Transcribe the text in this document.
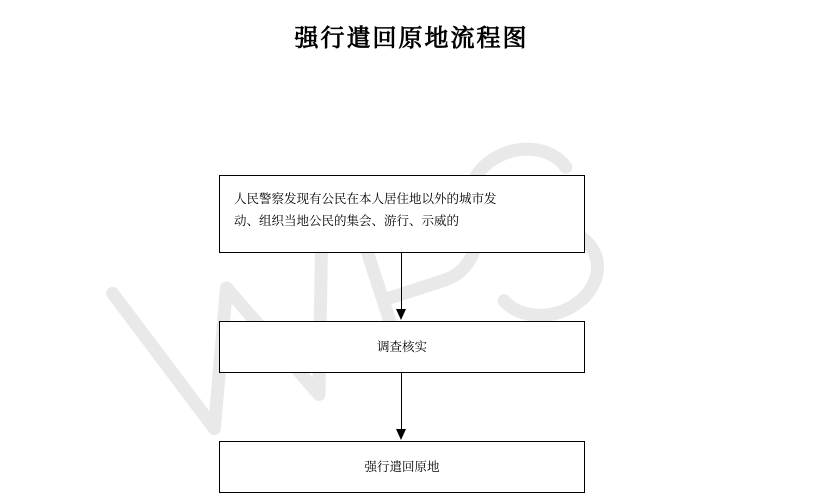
强行遣回原地流程图
人民警察发现有公民在本人居住地以外的城市发
动、组织当地公民的集会、游行、示威的
调查核实
强行遣回原地
